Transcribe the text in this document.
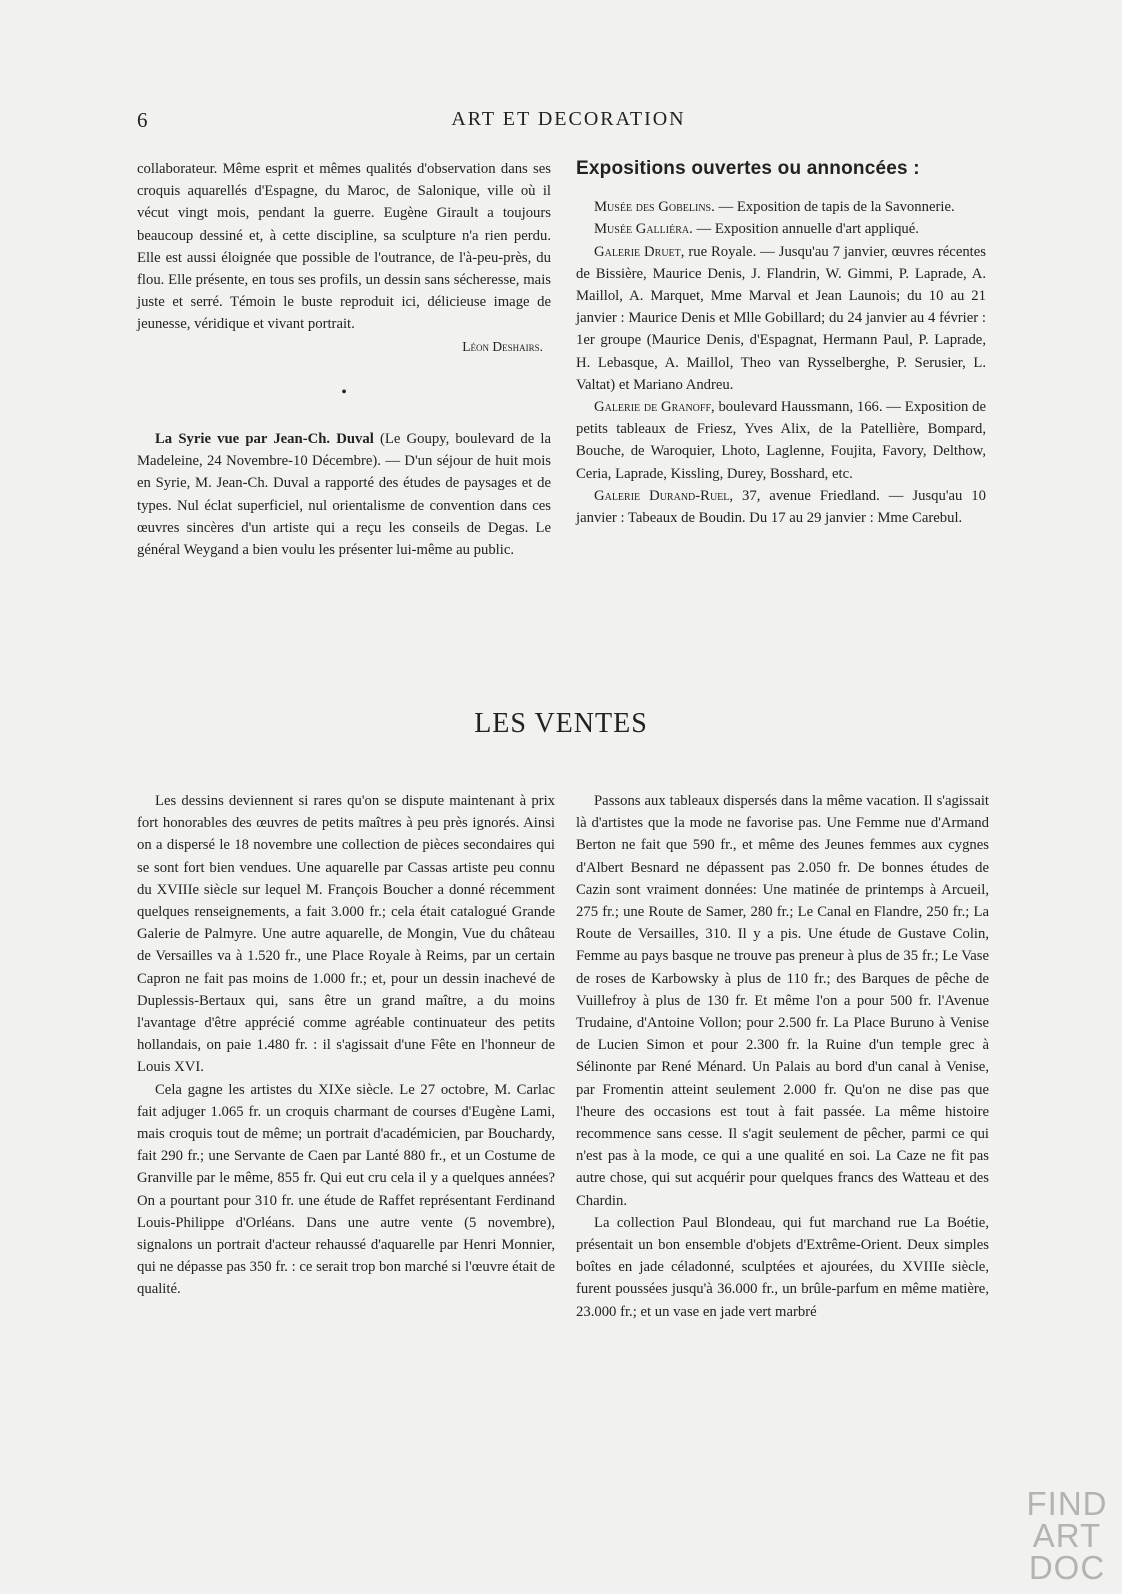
6	ART ET DECORATION

collaborateur. Même esprit et mêmes qualités d'observation dans ses croquis aquarellés d'Espagne, du Maroc, de Salonique, ville où il vécut vingt mois, pendant la guerre. Eugène Girault a toujours beaucoup dessiné et, à cette discipline, sa sculpture n'a rien perdu. Elle est aussi éloignée que possible de l'outrance, de l'à-peu-près, du flou. Elle présente, en tous ses profils, un dessin sans sécheresse, mais juste et serré. Témoin le buste reproduit ici, délicieuse image de jeunesse, véridique et vivant portrait.

Léon Deshairs.
•

La Syrie vue par Jean-Ch. Duval (Le Goupy, boulevard de la Madeleine, 24 Novembre-10 Décembre). — D'un séjour de huit mois en Syrie, M. Jean-Ch. Duval a rapporté des études de paysages et de types. Nul éclat superficiel, nul orientalisme de convention dans ces œuvres sincères d'un artiste qui a reçu les conseils de Degas. Le général Weygand a bien voulu les présenter lui-même au public.

Expositions ouvertes ou annoncées :

Musée des Gobelins. — Exposition de tapis de la Savonnerie.

Musée Galliéra. — Exposition annuelle d'art appliqué.

Galerie Druet, rue Royale. — Jusqu'au 7 janvier, œuvres récentes de Bissière, Maurice Denis, J. Flandrin, W. Gimmi, P. Laprade, A. Maillol, A. Marquet, Mme Marval et Jean Launois; du 10 au 21 janvier : Maurice Denis et Mlle Gobillard; du 24 janvier au 4 février : 1er groupe (Maurice Denis, d'Espagnat, Hermann Paul, P. Laprade, H. Lebasque, A. Maillol, Theo van Rysselberghe, P. Serusier, L. Valtat) et Mariano Andreu.

Galerie de Granoff, boulevard Haussmann, 166. — Exposition de petits tableaux de Friesz, Yves Alix, de la Patellière, Bompard, Bouche, de Waroquier, Lhoto, Laglenne, Foujita, Favory, Delthow, Ceria, Laprade, Kissling, Durey, Bosshard, etc.

Galerie Durand-Ruel, 37, avenue Friedland. — Jusqu'au 10 janvier : Tabeaux de Boudin. Du 17 au 29 janvier : Mme Carebul.

LES VENTES

Les dessins deviennent si rares qu'on se dispute maintenant à prix fort honorables des œuvres de petits maîtres à peu près ignorés. Ainsi on a dispersé le 18 novembre une collection de pièces secondaires qui se sont fort bien vendues. Une aquarelle par Cassas artiste peu connu du XVIIIe siècle sur lequel M. François Boucher a donné récemment quelques renseignements, a fait 3.000 fr.; cela était catalogué Grande Galerie de Palmyre. Une autre aquarelle, de Mongin, Vue du château de Versailles va à 1.520 fr., une Place Royale à Reims, par un certain Capron ne fait pas moins de 1.000 fr.; et, pour un dessin inachevé de Duplessis-Bertaux qui, sans être un grand maître, a du moins l'avantage d'être apprécié comme agréable continuateur des petits hollandais, on paie 1.480 fr. : il s'agissait d'une Fête en l'honneur de Louis XVI.

Cela gagne les artistes du XIXe siècle. Le 27 octobre, M. Carlac fait adjuger 1.065 fr. un croquis charmant de courses d'Eugène Lami, mais croquis tout de même; un portrait d'académicien, par Bouchardy, fait 290 fr.; une Servante de Caen par Lanté 880 fr., et un Costume de Granville par le même, 855 fr. Qui eut cru cela il y a quelques années? On a pourtant pour 310 fr. une étude de Raffet représentant Ferdinand Louis-Philippe d'Orléans. Dans une autre vente (5 novembre), signalons un portrait d'acteur rehaussé d'aquarelle par Henri Monnier, qui ne dépasse pas 350 fr. : ce serait trop bon marché si l'œuvre était de qualité.

Passons aux tableaux dispersés dans la même vacation. Il s'agissait là d'artistes que la mode ne favorise pas. Une Femme nue d'Armand Berton ne fait que 590 fr., et même des Jeunes femmes aux cygnes d'Albert Besnard ne dépassent pas 2.050 fr. De bonnes études de Cazin sont vraiment données: Une matinée de printemps à Arcueil, 275 fr.; une Route de Samer, 280 fr.; Le Canal en Flandre, 250 fr.; La Route de Versailles, 310. Il y a pis. Une étude de Gustave Colin, Femme au pays basque ne trouve pas preneur à plus de 35 fr.; Le Vase de roses de Karbowsky à plus de 110 fr.; des Barques de pêche de Vuillefroy à plus de 130 fr. Et même l'on a pour 500 fr. l'Avenue Trudaine, d'Antoine Vollon; pour 2.500 fr. La Place Buruno à Venise de Lucien Simon et pour 2.300 fr. la Ruine d'un temple grec à Sélinonte par René Ménard. Un Palais au bord d'un canal à Venise, par Fromentin atteint seulement 2.000 fr. Qu'on ne dise pas que l'heure des occasions est tout à fait passée. La même histoire recommence sans cesse. Il s'agit seulement de pêcher, parmi ce qui n'est pas à la mode, ce qui a une qualité en soi. La Caze ne fit pas autre chose, qui sut acquérir pour quelques francs des Watteau et des Chardin.

La collection Paul Blondeau, qui fut marchand rue La Boétie, présentait un bon ensemble d'objets d'Extrême-Orient. Deux simples boîtes en jade céladonné, sculptées et ajourées, du XVIIIe siècle, furent poussées jusqu'à 36.000 fr., un brûle-parfum en même matière, 23.000 fr.; et un vase en jade vert marbré

FIND
ART
DOC
